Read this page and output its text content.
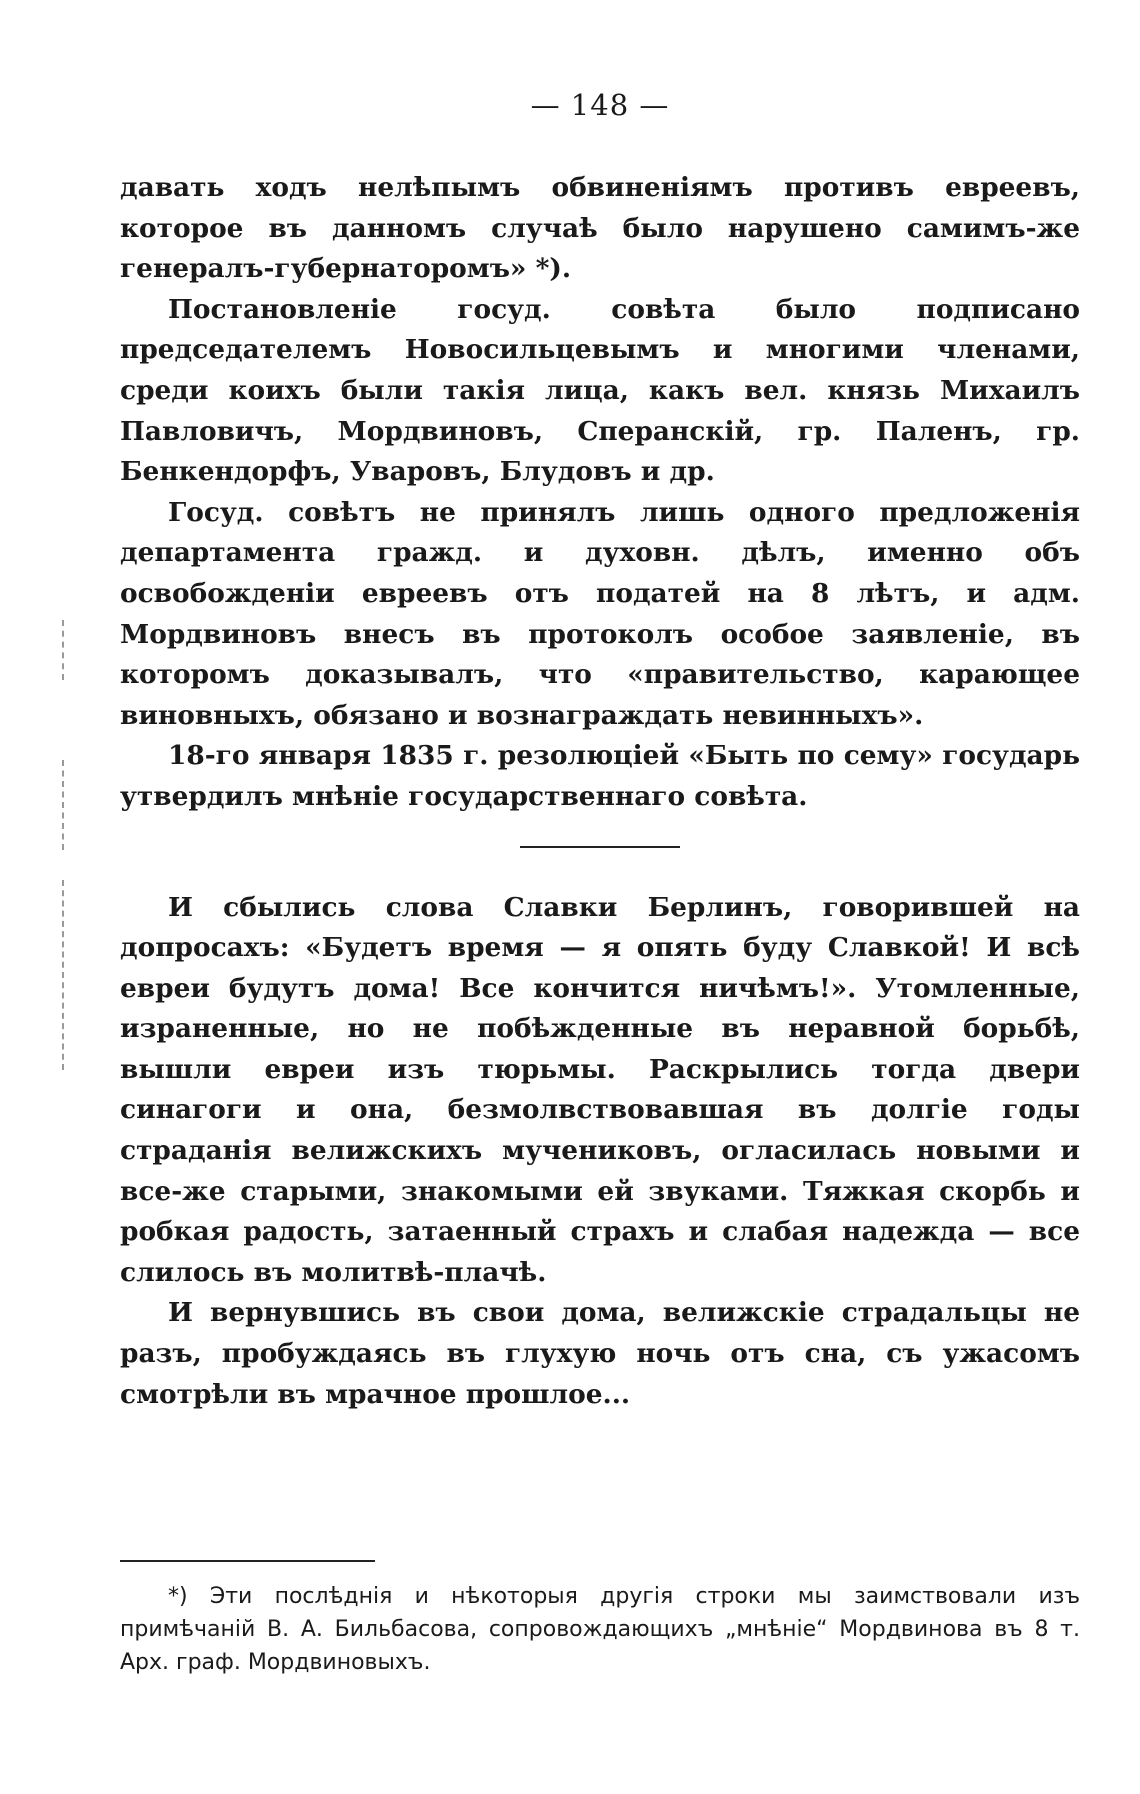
— 148 —

давать ходъ нелѣпымъ обвиненiямъ противъ евреевъ, которое въ данномъ случаѣ было нарушено самимъ-же генералъ-губернаторомъ» *).

Постановленiе госуд. совѣта было подписано председателемъ Новосильцевымъ и многими членами, среди коихъ были такiя лица, какъ вел. князь Михаилъ Павловичъ, Мордвиновъ, Сперанскiй, гр. Паленъ, гр. Бенкендорфъ, Уваровъ, Блудовъ и др.

Госуд. совѣтъ не принялъ лишь одного предложенiя департамента гражд. и духовн. дѣлъ, именно объ освобожденiи евреевъ отъ податей на 8 лѣтъ, и адм. Мордвиновъ внесъ въ протоколъ особое заявленiе, въ которомъ доказывалъ, что «правительство, карающее виновныхъ, обязано и вознаграждать невинныхъ».

18-го января 1835 г. резолюцiей «Быть по сему» государь утвердилъ мнѣнiе государственнаго совѣта.

И сбылись слова Славки Берлинъ, говорившей на допросахъ: «Будетъ время — я опять буду Славкой! И всѣ евреи будутъ дома! Все кончится ничѣмъ!». Утомленные, израненные, но не побѣжденные въ неравной борьбѣ, вышли евреи изъ тюрьмы. Раскрылись тогда двери синагоги и она, безмолвствовавшая въ долгiе годы страданiя велижскихъ мучениковъ, огласилась новыми и все-же старыми, знакомыми ей звуками. Тяжкая скорбь и робкая радость, затаенный страхъ и слабая надежда — все слилось въ молитвѣ-плачѣ.

И вернувшись въ свои дома, велижскiе страдальцы не разъ, пробуждаясь въ глухую ночь отъ сна, съ ужасомъ смотрѣли въ мрачное прошлое...

*) Эти послѣднiя и нѣкоторыя другiя строки мы заимствовали изъ примѣчанiй В. А. Бильбасова, сопровождающихъ „мнѣнiе“ Мордвинова въ 8 т. Арх. граф. Мордвиновыхъ.
